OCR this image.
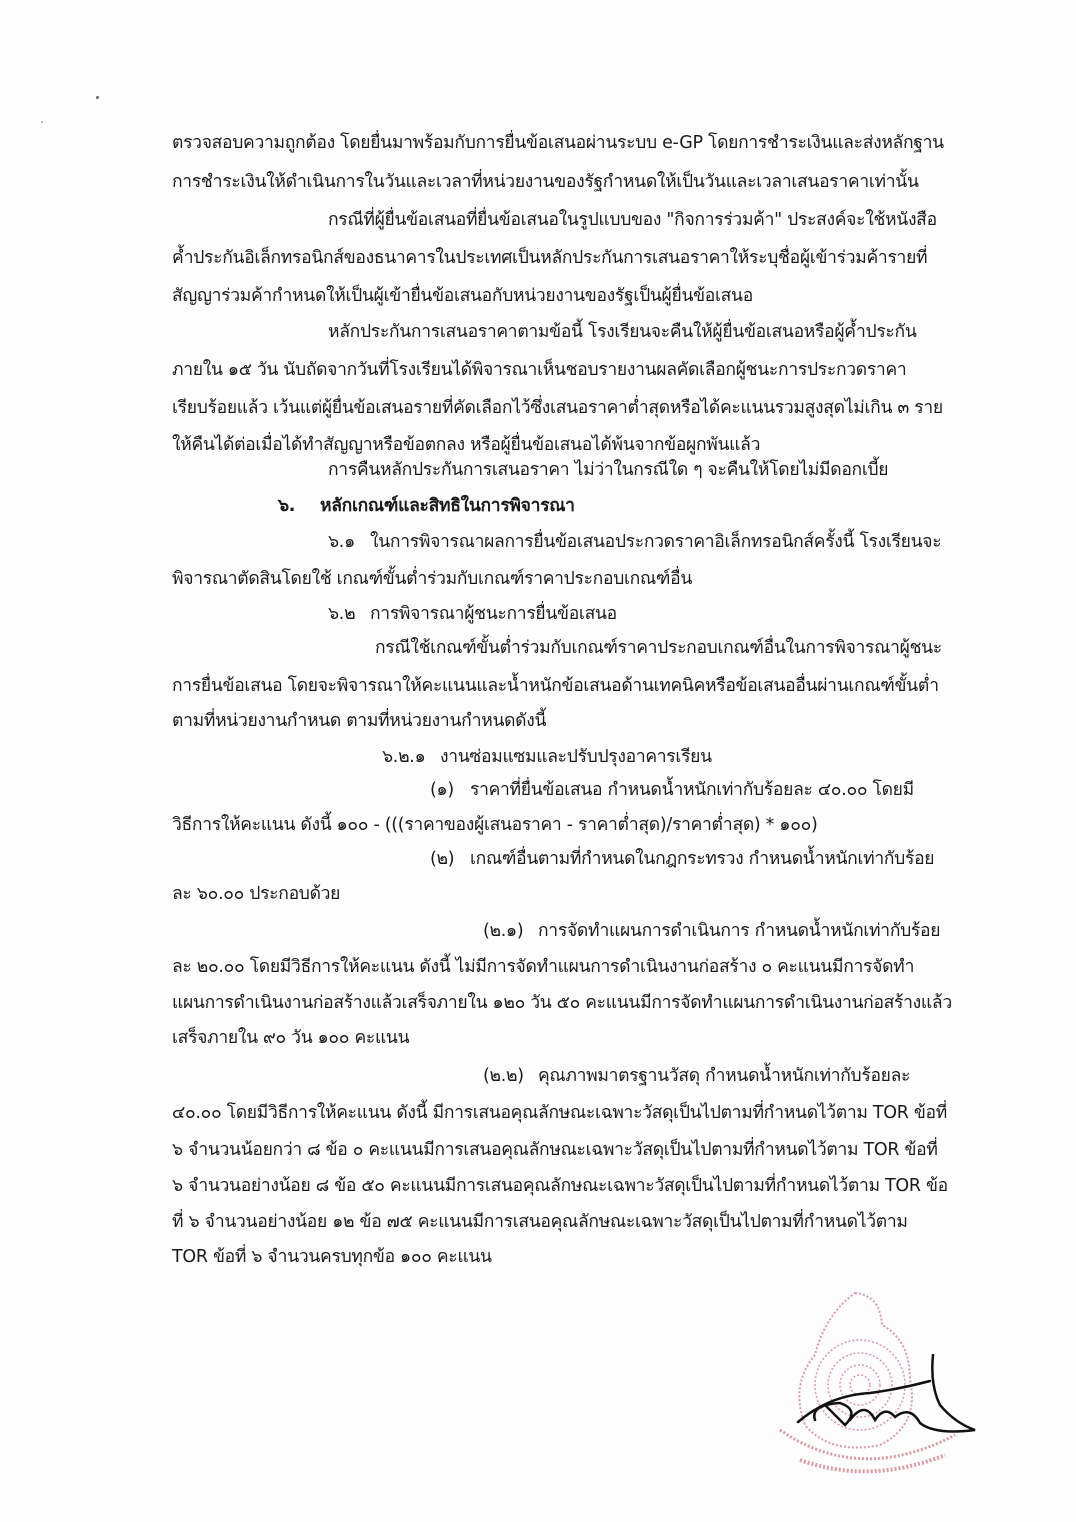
ตรวจสอบความถูกต้อง โดยยื่นมาพร้อมกับการยื่นข้อเสนอผ่านระบบ e-GP โดยการชำระเงินและส่งหลักฐาน
การชำระเงินให้ดำเนินการในวันและเวลาที่หน่วยงานของรัฐกำหนดให้เป็นวันและเวลาเสนอราคาเท่านั้น
กรณีที่ผู้ยื่นข้อเสนอที่ยื่นข้อเสนอในรูปแบบของ "กิจการร่วมค้า" ประสงค์จะใช้หนังสือ
ค้ำประกันอิเล็กทรอนิกส์ของธนาคารในประเทศเป็นหลักประกันการเสนอราคาให้ระบุชื่อผู้เข้าร่วมค้ารายที่
สัญญาร่วมค้ากำหนดให้เป็นผู้เข้ายื่นข้อเสนอกับหน่วยงานของรัฐเป็นผู้ยื่นข้อเสนอ
หลักประกันการเสนอราคาตามข้อนี้ โรงเรียนจะคืนให้ผู้ยื่นข้อเสนอหรือผู้ค้ำประกัน
ภายใน ๑๕ วัน นับถัดจากวันที่โรงเรียนได้พิจารณาเห็นชอบรายงานผลคัดเลือกผู้ชนะการประกวดราคา
เรียบร้อยแล้ว เว้นแต่ผู้ยื่นข้อเสนอรายที่คัดเลือกไว้ซึ่งเสนอราคาต่ำสุดหรือได้คะแนนรวมสูงสุดไม่เกิน ๓ ราย
ให้คืนได้ต่อเมื่อได้ทำสัญญาหรือข้อตกลง หรือผู้ยื่นข้อเสนอได้พ้นจากข้อผูกพันแล้ว
การคืนหลักประกันการเสนอราคา ไม่ว่าในกรณีใด ๆ จะคืนให้โดยไม่มีดอกเบี้ย
๖. หลักเกณฑ์และสิทธิในการพิจารณา
๖.๑ ในการพิจารณาผลการยื่นข้อเสนอประกวดราคาอิเล็กทรอนิกส์ครั้งนี้ โรงเรียนจะ
พิจารณาตัดสินโดยใช้ เกณฑ์ขั้นต่ำร่วมกับเกณฑ์ราคาประกอบเกณฑ์อื่น
๖.๒ การพิจารณาผู้ชนะการยื่นข้อเสนอ
กรณีใช้เกณฑ์ขั้นต่ำร่วมกับเกณฑ์ราคาประกอบเกณฑ์อื่นในการพิจารณาผู้ชนะ
การยื่นข้อเสนอ โดยจะพิจารณาให้คะแนนและน้ำหนักข้อเสนอด้านเทคนิคหรือข้อเสนออื่นผ่านเกณฑ์ขั้นต่ำ
ตามที่หน่วยงานกำหนด ตามที่หน่วยงานกำหนดดังนี้
๖.๒.๑ งานซ่อมแซมและปรับปรุงอาคารเรียน
(๑) ราคาที่ยื่นข้อเสนอ กำหนดน้ำหนักเท่ากับร้อยละ ๔๐.๐๐ โดยมี
วิธีการให้คะแนน ดังนี้ ๑๐๐ - (((ราคาของผู้เสนอราคา - ราคาต่ำสุด)/ราคาต่ำสุด) * ๑๐๐)
(๒) เกณฑ์อื่นตามที่กำหนดในกฎกระทรวง กำหนดน้ำหนักเท่ากับร้อย
ละ ๖๐.๐๐ ประกอบด้วย
(๒.๑) การจัดทำแผนการดำเนินการ กำหนดน้ำหนักเท่ากับร้อย
ละ ๒๐.๐๐ โดยมีวิธีการให้คะแนน ดังนี้ ไม่มีการจัดทำแผนการดำเนินงานก่อสร้าง ๐ คะแนนมีการจัดทำ
แผนการดำเนินงานก่อสร้างแล้วเสร็จภายใน ๑๒๐ วัน ๕๐ คะแนนมีการจัดทำแผนการดำเนินงานก่อสร้างแล้ว
เสร็จภายใน ๙๐ วัน ๑๐๐ คะแนน
(๒.๒) คุณภาพมาตรฐานวัสดุ กำหนดน้ำหนักเท่ากับร้อยละ
๔๐.๐๐ โดยมีวิธีการให้คะแนน ดังนี้ มีการเสนอคุณลักษณะเฉพาะวัสดุเป็นไปตามที่กำหนดไว้ตาม TOR ข้อที่
๖ จำนวนน้อยกว่า ๘ ข้อ ๐ คะแนนมีการเสนอคุณลักษณะเฉพาะวัสดุเป็นไปตามที่กำหนดไว้ตาม TOR ข้อที่
๖ จำนวนอย่างน้อย ๘ ข้อ ๕๐ คะแนนมีการเสนอคุณลักษณะเฉพาะวัสดุเป็นไปตามที่กำหนดไว้ตาม TOR ข้อ
ที่ ๖ จำนวนอย่างน้อย ๑๒ ข้อ ๗๕ คะแนนมีการเสนอคุณลักษณะเฉพาะวัสดุเป็นไปตามที่กำหนดไว้ตาม
TOR ข้อที่ ๖ จำนวนครบทุกข้อ ๑๐๐ คะแนน
